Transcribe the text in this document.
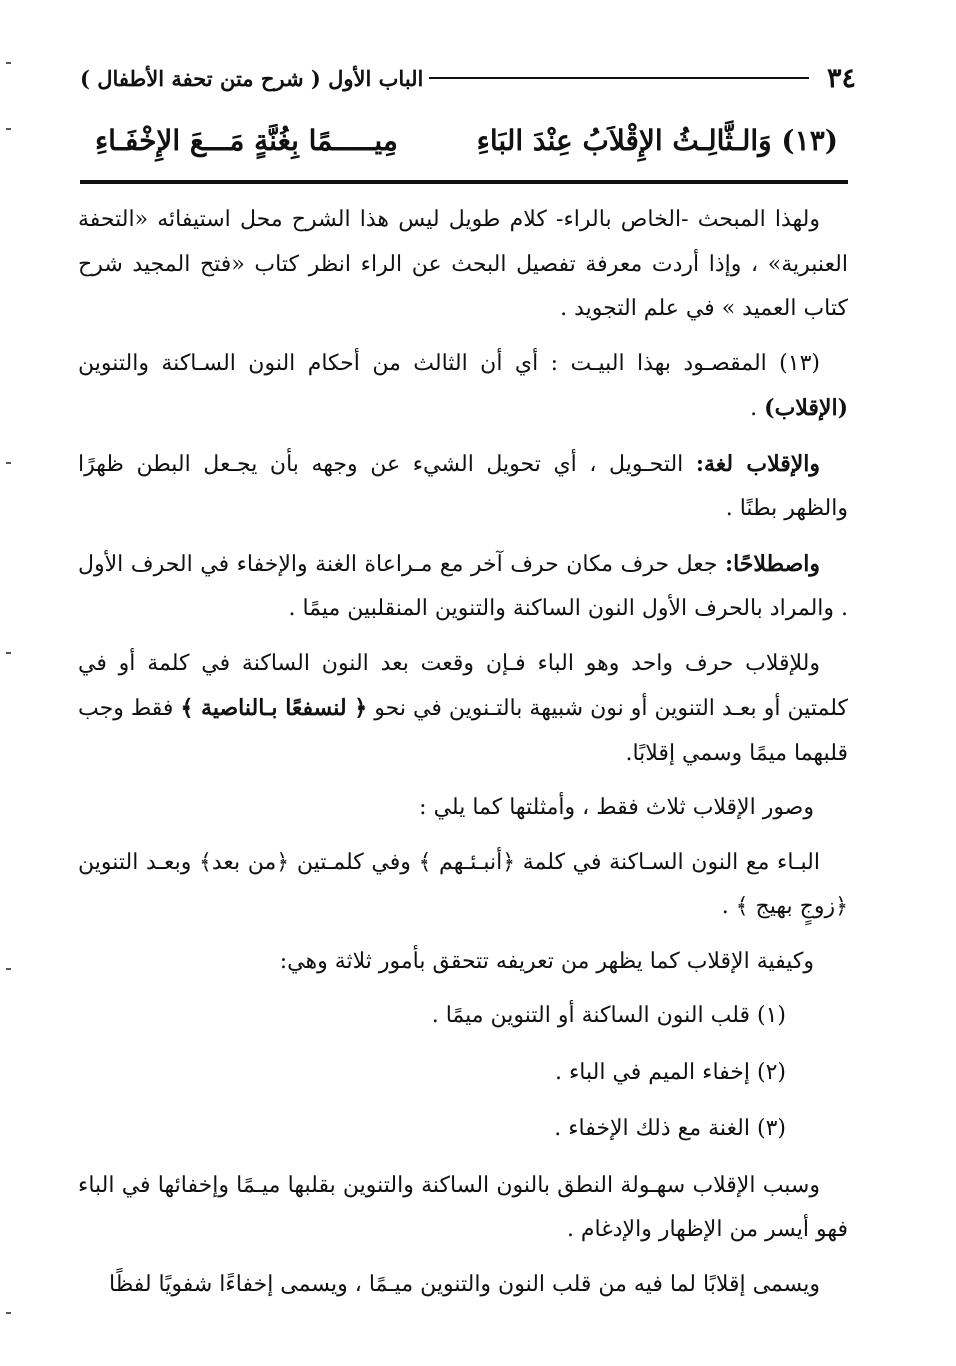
٣٤
الباب الأول ( شرح متن تحفة الأطفال )
(١٣) وَالـثَّالِـثُ الإِقْلاَبُ عِنْدَ البَاءِ
مِيـــــمًا بِغُنَّةٍ مَـــعَ الإِخْفَـاءِ

ولهذا المبحث -الخاص بالراء- كلام طويل ليس هذا الشرح محل استيفائه «التحفة العنبرية» ، وإذا أردت معرفة تفصيل البحث عن الراء انظر كتاب «فتح المجيد شرح كتاب العميد » في علم التجويد .

(١٣) المقصـود بهذا البيـت : أي أن الثالث من أحكام النون السـاكنة والتنوين (الإقلاب) .

والإقلاب لغة: التحـويل ، أي تحويل الشيء عن وجهه بأن يجـعل البطن ظهرًا والظهر بطنًا .

واصطلاحًا: جعل حرف مكان حرف آخر مع مـراعاة الغنة والإخفاء في الحرف الأول . والمراد بالحرف الأول النون الساكنة والتنوين المنقلبين ميمًا .

وللإقلاب حرف واحد وهو الباء فـإن وقعت بعد النون الساكنة في كلمة أو في كلمتين أو بعـد التنوين أو نون شبيهة بالتـنوين في نحو ﴿ لنسفعًا بـالناصية ﴾ فقط وجب قلبهما ميمًا وسمي إقلابًا.

وصور الإقلاب ثلاث فقط ، وأمثلتها كما يلي :

البـاء مع النون السـاكنة في كلمة ﴿أنبـئـهم ﴾ وفي كلمـتين ﴿من بعد﴾ وبعـد التنوين ﴿زوجٍ بهيج ﴾ .

وكيفية الإقلاب كما يظهر من تعريفه تتحقق بأمور ثلاثة وهي:

(١) قلب النون الساكنة أو التنوين ميمًا .

(٢) إخفاء الميم في الباء .

(٣) الغنة مع ذلك الإخفاء .

وسبب الإقلاب سهـولة النطق بالنون الساكنة والتنوين بقلبها ميـمًا وإخفائها في الباء فهو أيسر من الإظهار والإدغام .

ويسمى إقلابًا لما فيه من قلب النون والتنوين ميـمًا ، ويسمى إخفاءًا شفويًا لفظًا
